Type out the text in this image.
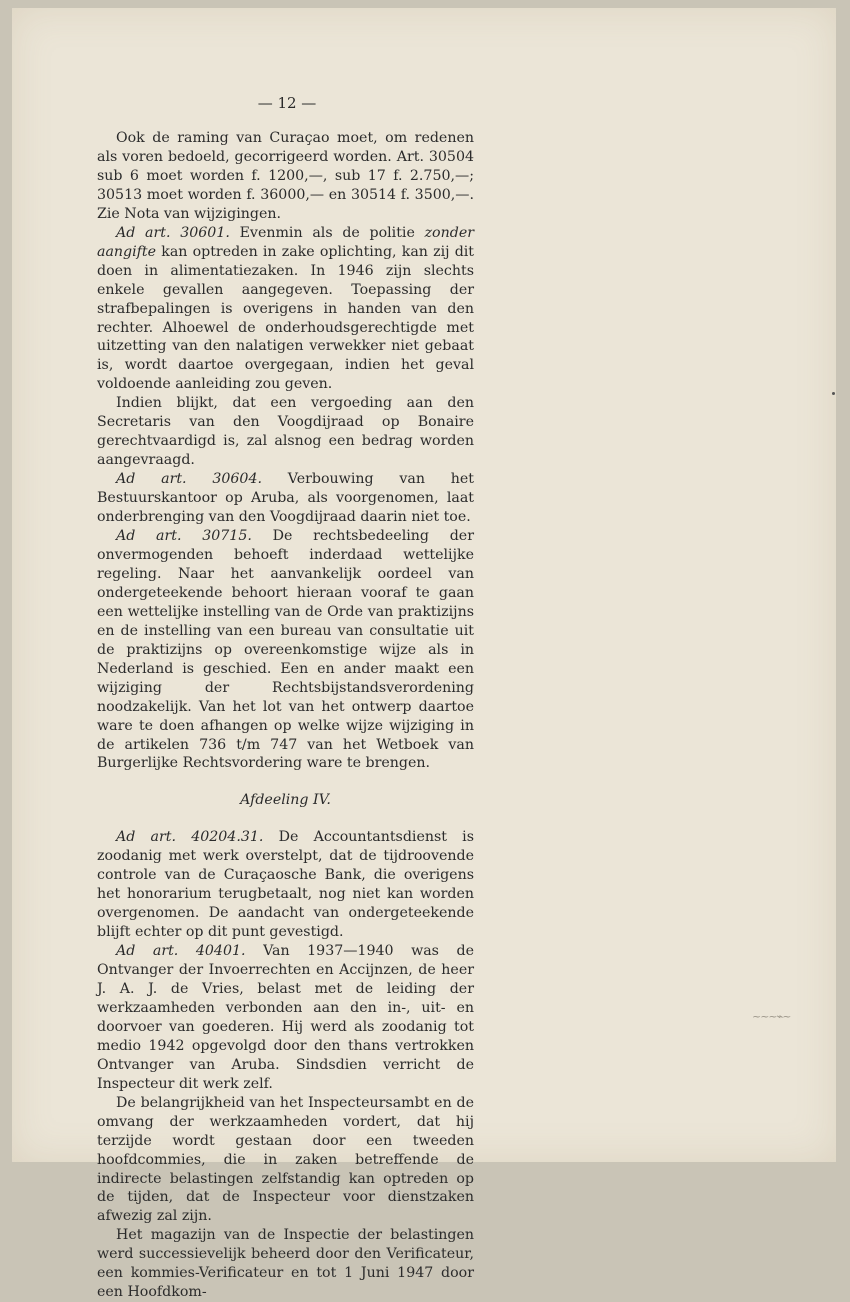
— 12 —

Ook de raming van Curaçao moet, om redenen als voren bedoeld, gecorrigeerd worden. Art. 30504 sub 6 moet worden f. 1200,—, sub 17 f. 2.750,—; 30513 moet worden f. 36000,— en 30514 f. 3500,—. Zie Nota van wijzigingen.

Ad art. 30601. Evenmin als de politie zonder aangifte kan optreden in zake oplichting, kan zij dit doen in alimentatiezaken. In 1946 zijn slechts enkele gevallen aangegeven. Toepassing der strafbepalingen is overigens in handen van den rechter. Alhoewel de onderhoudsgerechtigde met uitzetting van den nalatigen verwekker niet gebaat is, wordt daartoe overgegaan, indien het geval voldoende aanleiding zou geven.

Indien blijkt, dat een vergoeding aan den Secretaris van den Voogdijraad op Bonaire gerechtvaardigd is, zal alsnog een bedrag worden aangevraagd.

Ad art. 30604. Verbouwing van het Bestuurskantoor op Aruba, als voorgenomen, laat onderbrenging van den Voogdijraad daarin niet toe.

Ad art. 30715. De rechtsbedeeling der onvermogenden behoeft inderdaad wettelijke regeling. Naar het aanvankelijk oordeel van ondergeteekende behoort hieraan vooraf te gaan een wettelijke instelling van de Orde van praktizijns en de instelling van een bureau van consultatie uit de praktizijns op overeenkomstige wijze als in Nederland is geschied. Een en ander maakt een wijziging der Rechtsbijstandsverordening noodzakelijk. Van het lot van het ontwerp daartoe ware te doen afhangen op welke wijze wijziging in de artikelen 736 t/m 747 van het Wetboek van Burgerlijke Rechtsvordering ware te brengen.

Afdeeling IV.

Ad art. 40204.31. De Accountantsdienst is zoodanig met werk overstelpt, dat de tijdroovende controle van de Curaçaosche Bank, die overigens het honorarium terugbetaalt, nog niet kan worden overgenomen. De aandacht van ondergeteekende blijft echter op dit punt gevestigd.

Ad art. 40401. Van 1937—1940 was de Ontvanger der Invoerrechten en Accijnzen, de heer J. A. J. de Vries, belast met de leiding der werkzaamheden verbonden aan den in-, uit- en doorvoer van goederen. Hij werd als zoodanig tot medio 1942 opgevolgd door den thans vertrokken Ontvanger van Aruba. Sindsdien verricht de Inspecteur dit werk zelf.

De belangrijkheid van het Inspecteursambt en de omvang der werkzaamheden vordert, dat hij terzijde wordt gestaan door een tweeden hoofdcommies, die in zaken betreffende de indirecte belastingen zelfstandig kan optreden op de tijden, dat de Inspecteur voor dienstzaken afwezig zal zijn.

Het magazijn van de Inspectie der belastingen werd successievelijk beheerd door den Verificateur, een kommies-Verificateur en tot 1 Juni 1947 door een Hoofdkom-

~~~⌁~
